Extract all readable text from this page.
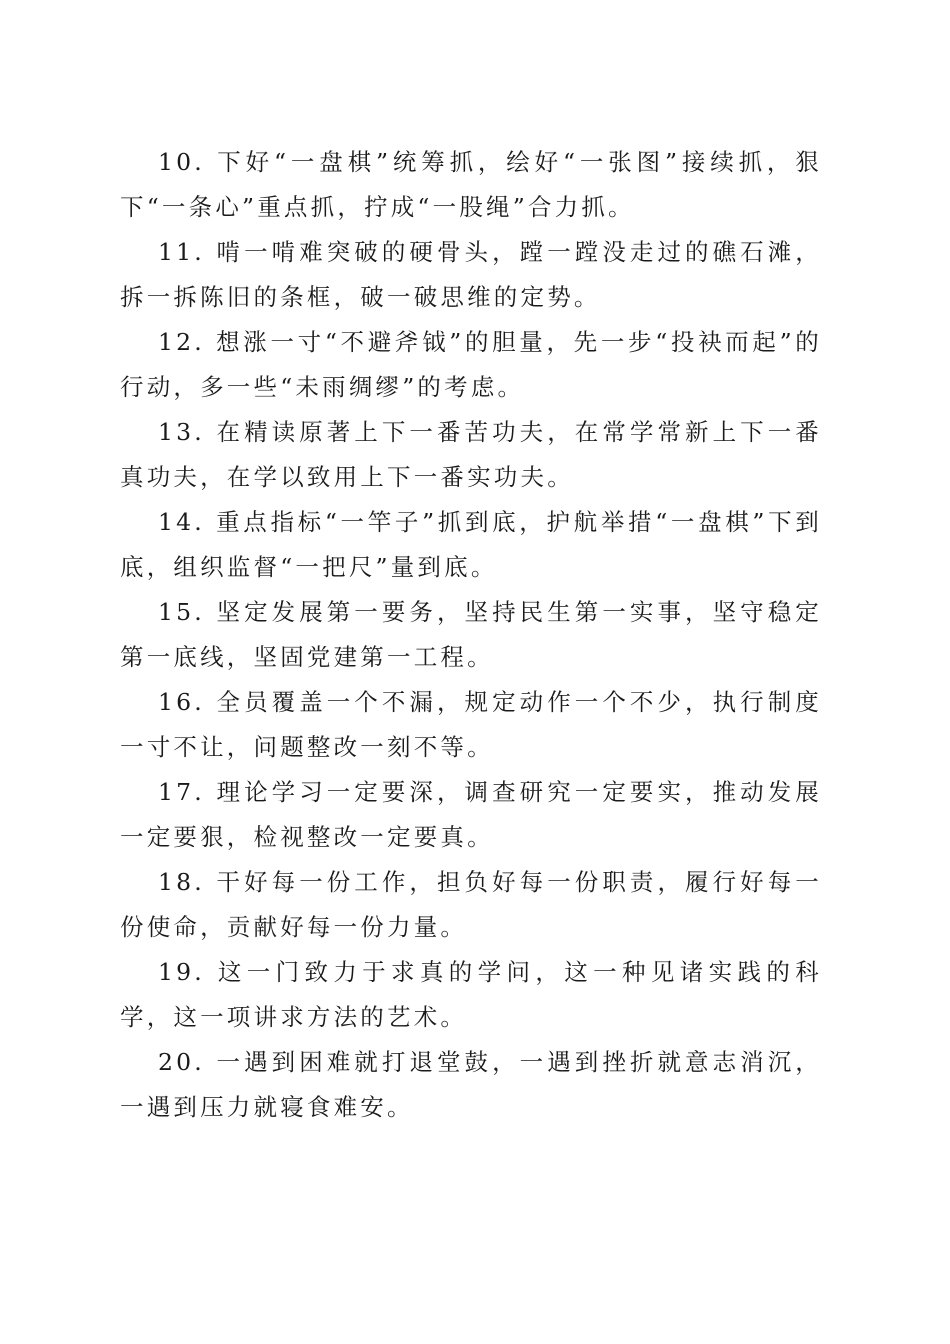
10. 下好“一盘棋”统筹抓，绘好“一张图”接续抓，狠下“一条心”重点抓，拧成“一股绳”合力抓。

11. 啃一啃难突破的硬骨头，蹚一蹚没走过的礁石滩，拆一拆陈旧的条框，破一破思维的定势。

12. 想涨一寸“不避斧钺”的胆量，先一步“投袂而起”的行动，多一些“未雨绸缪”的考虑。

13. 在精读原著上下一番苦功夫，在常学常新上下一番真功夫，在学以致用上下一番实功夫。

14. 重点指标“一竿子”抓到底，护航举措“一盘棋”下到底，组织监督“一把尺”量到底。

15. 坚定发展第一要务，坚持民生第一实事，坚守稳定第一底线，坚固党建第一工程。

16. 全员覆盖一个不漏，规定动作一个不少，执行制度一寸不让，问题整改一刻不等。

17. 理论学习一定要深，调查研究一定要实，推动发展一定要狠，检视整改一定要真。

18. 干好每一份工作，担负好每一份职责，履行好每一份使命，贡献好每一份力量。

19. 这一门致力于求真的学问，这一种见诸实践的科学，这一项讲求方法的艺术。

20. 一遇到困难就打退堂鼓，一遇到挫折就意志消沉，一遇到压力就寝食难安。
